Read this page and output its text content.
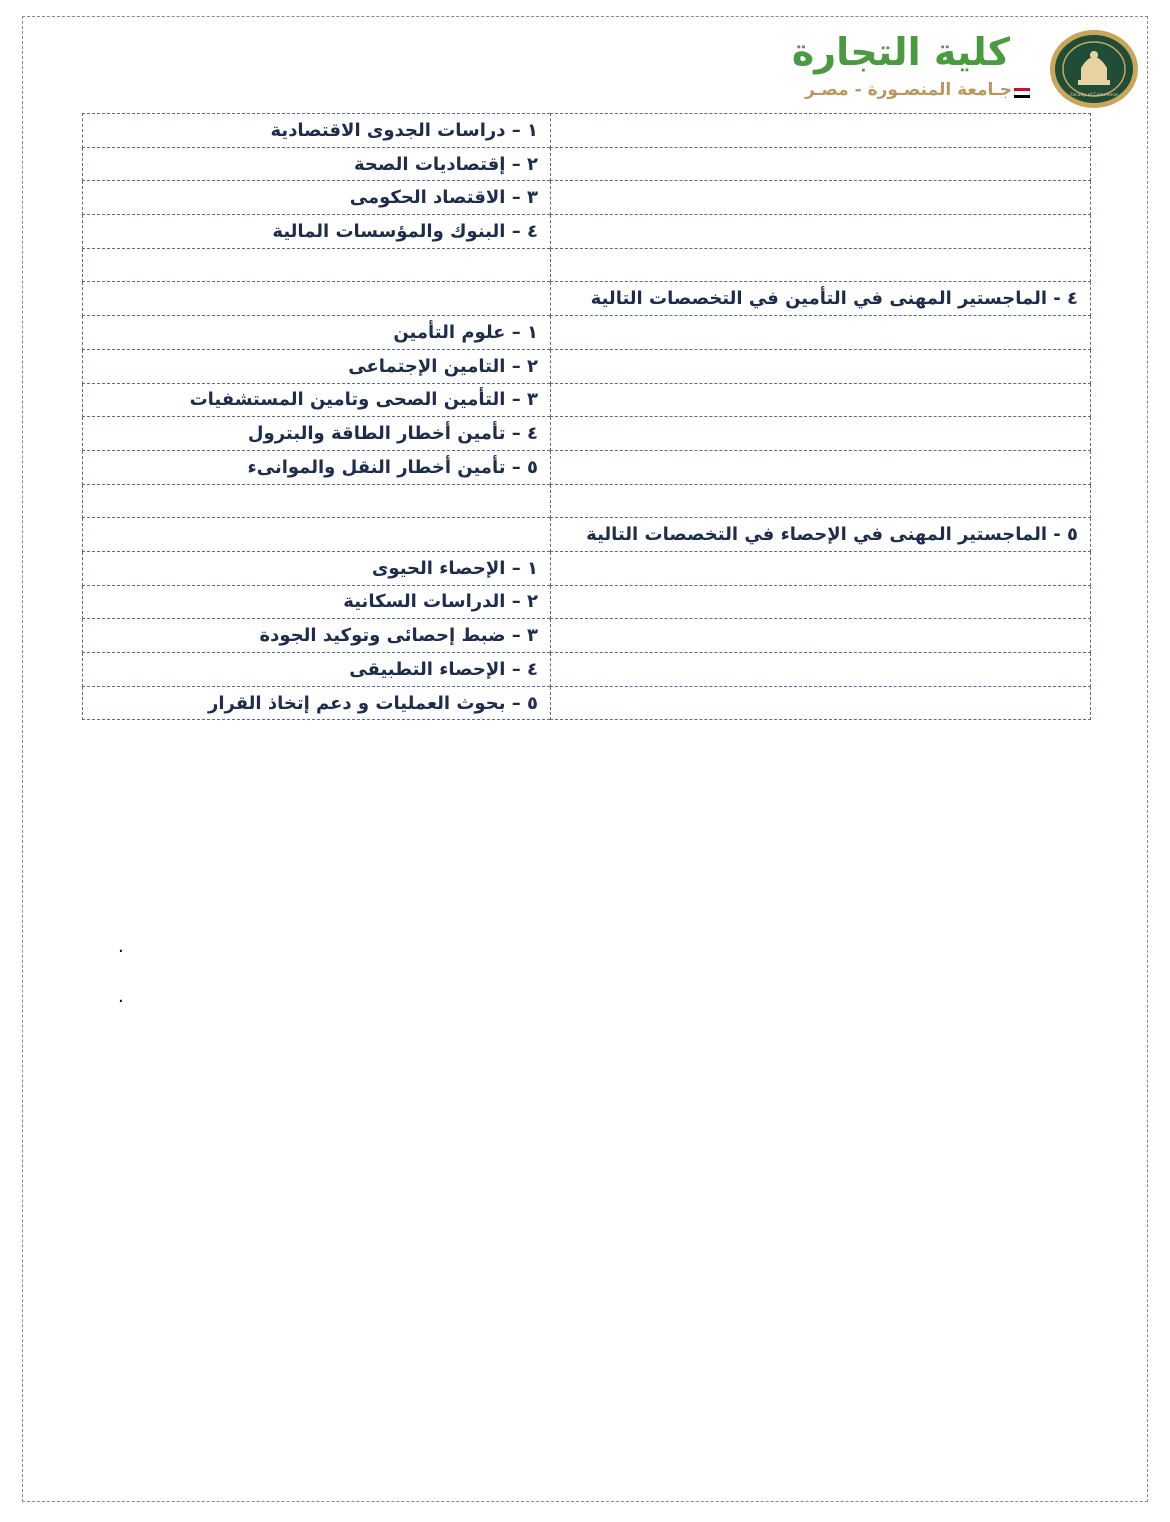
Faculty of Commerce
كلية التجارة
جـامعة المنصـورة - مصـر
	١ – دراسات الجدوى الاقتصادية
	٢ – إقتصاديات الصحة
	٣ – الاقتصاد الحكومى
	٤ – البنوك والمؤسسات المالية

٤ - الماجستير المهنى في التأمين في التخصصات التالية	
	١ – علوم التأمين
	٢ – التامين الإجتماعى
	٣ – التأمين الصحى وتامين المستشفيات
	٤ – تأمين أخطار الطاقة والبترول
	٥ – تأمين أخطار النقل والموانىء

٥ - الماجستير المهنى في الإحصاء في التخصصات التالية	
	١ – الإحصاء الحيوى
	٢ – الدراسات السكانية
	٣ – ضبط إحصائى وتوكيد الجودة
	٤ – الإحصاء التطبيقى
	٥ – بحوث العمليات و دعم إتخاذ القرار
.
.
